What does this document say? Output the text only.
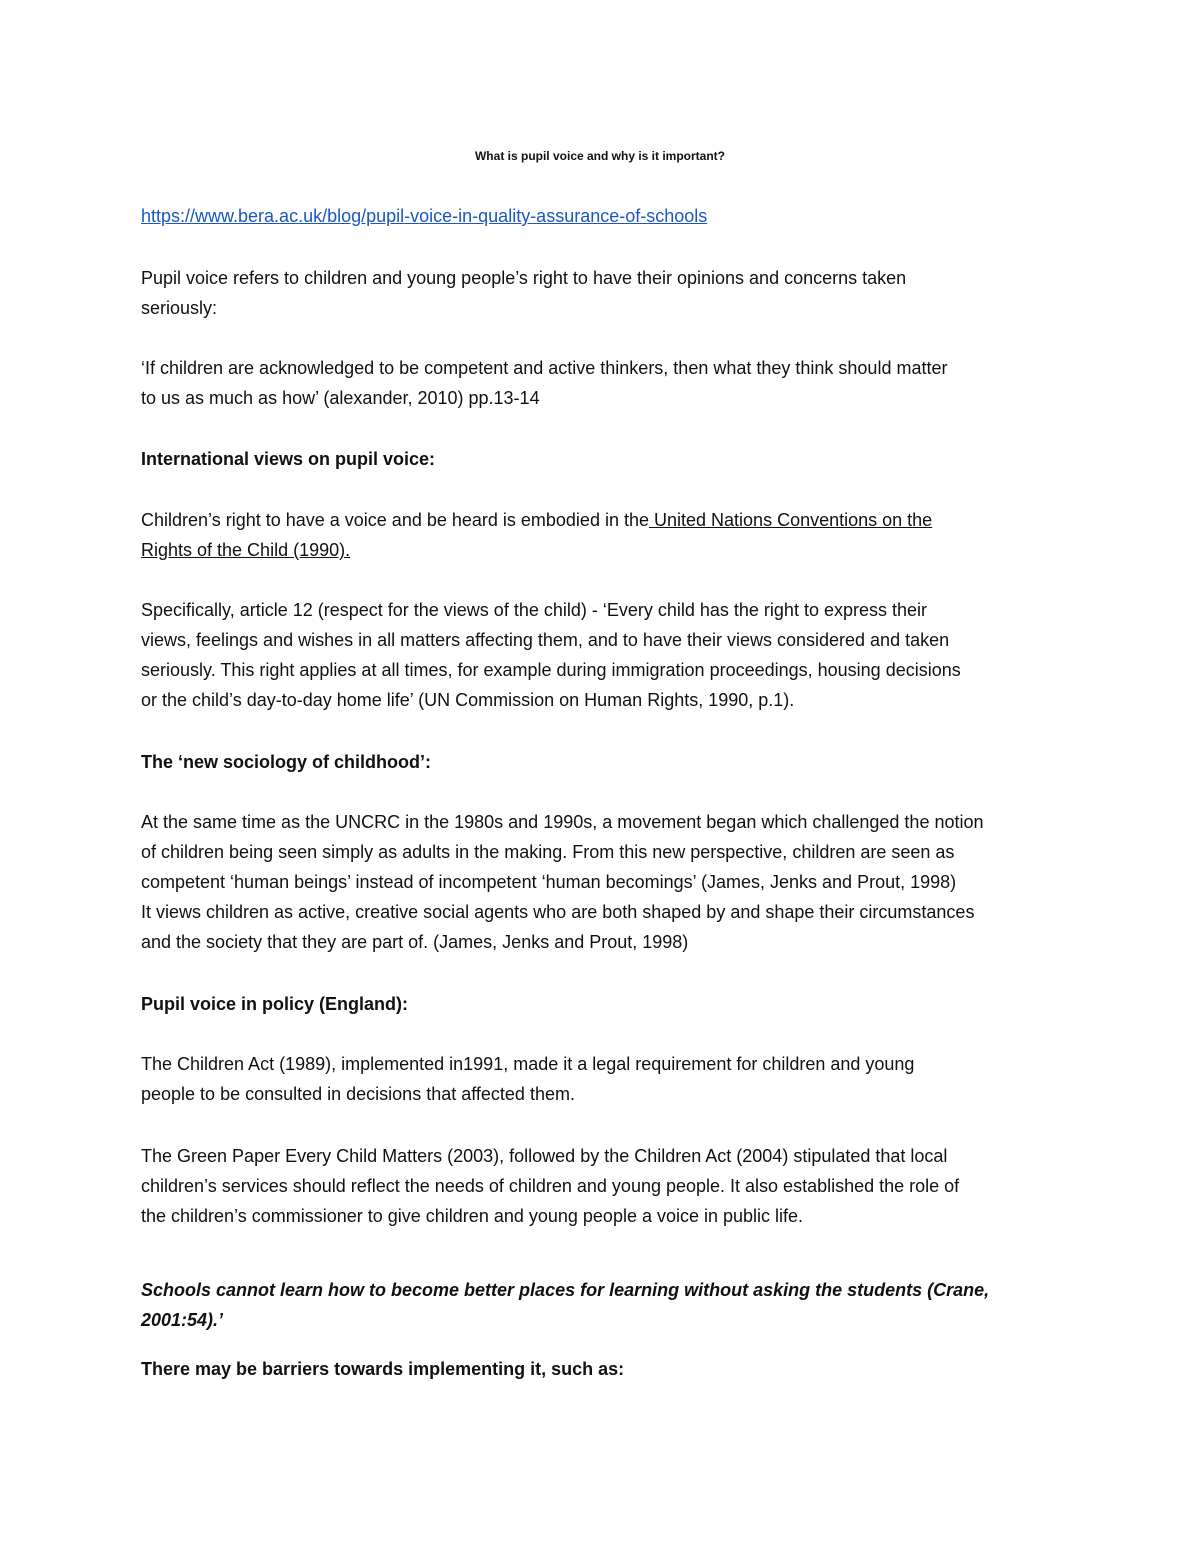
What is pupil voice and why is it important?
https://www.bera.ac.uk/blog/pupil-voice-in-quality-assurance-of-schools
Pupil voice refers to children and young people’s right to have their opinions and concerns taken
seriously:
‘If children are acknowledged to be competent and active thinkers, then what they think should matter
to us as much as how’ (alexander, 2010) pp.13-14
International views on pupil voice:
Children’s right to have a voice and be heard is embodied in the United Nations Conventions on the
Rights of the Child (1990).
Specifically, article 12 (respect for the views of the child) - ‘Every child has the right to express their
views, feelings and wishes in all matters affecting them, and to have their views considered and taken
seriously. This right applies at all times, for example during immigration proceedings, housing decisions
or the child’s day-to-day home life’ (UN Commission on Human Rights, 1990, p.1).
The ‘new sociology of childhood’:
At the same time as the UNCRC in the 1980s and 1990s, a movement began which challenged the notion
of children being seen simply as adults in the making. From this new perspective, children are seen as
competent ‘human beings’ instead of incompetent ‘human becomings’ (James, Jenks and Prout, 1998)
It views children as active, creative social agents who are both shaped by and shape their circumstances
and the society that they are part of. (James, Jenks and Prout, 1998)
Pupil voice in policy (England):
The Children Act (1989), implemented in1991, made it a legal requirement for children and young
people to be consulted in decisions that affected them.
The Green Paper Every Child Matters (2003), followed by the Children Act (2004) stipulated that local
children’s services should reflect the needs of children and young people. It also established the role of
the children’s commissioner to give children and young people a voice in public life.
Schools cannot learn how to become better places for learning without asking the students (Crane,
2001:54).’
There may be barriers towards implementing it, such as:
